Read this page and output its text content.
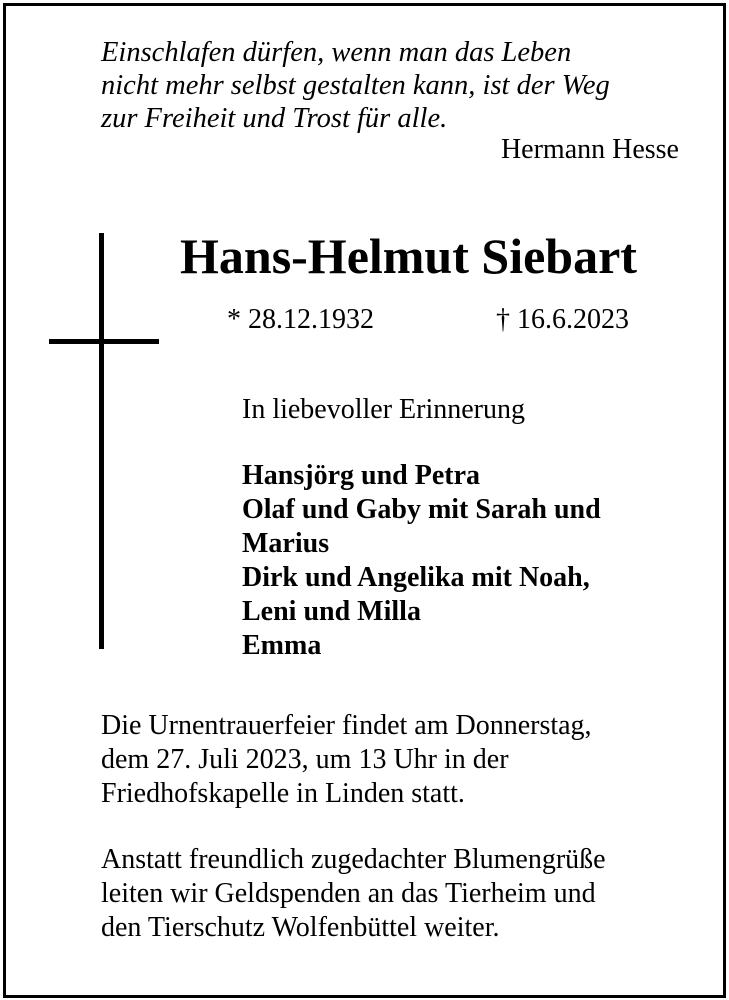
Einschlafen dürfen, wenn man das Leben
nicht mehr selbst gestalten kann, ist der Weg
zur Freiheit und Trost für alle.

Hermann Hesse
Hans-Helmut Siebart
* 28.12.1932	† 16.6.2023
In liebevoller Erinnerung
Hansjörg und Petra
Olaf und Gaby mit Sarah und
Marius
Dirk und Angelika mit Noah,
Leni und Milla
Emma

Die Urnentrauerfeier findet am Donnerstag,
dem 27. Juli 2023, um 13 Uhr in der
Friedhofskapelle in Linden statt.

Anstatt freundlich zugedachter Blumengrüße
leiten wir Geldspenden an das Tierheim und
den Tierschutz Wolfenbüttel weiter.
